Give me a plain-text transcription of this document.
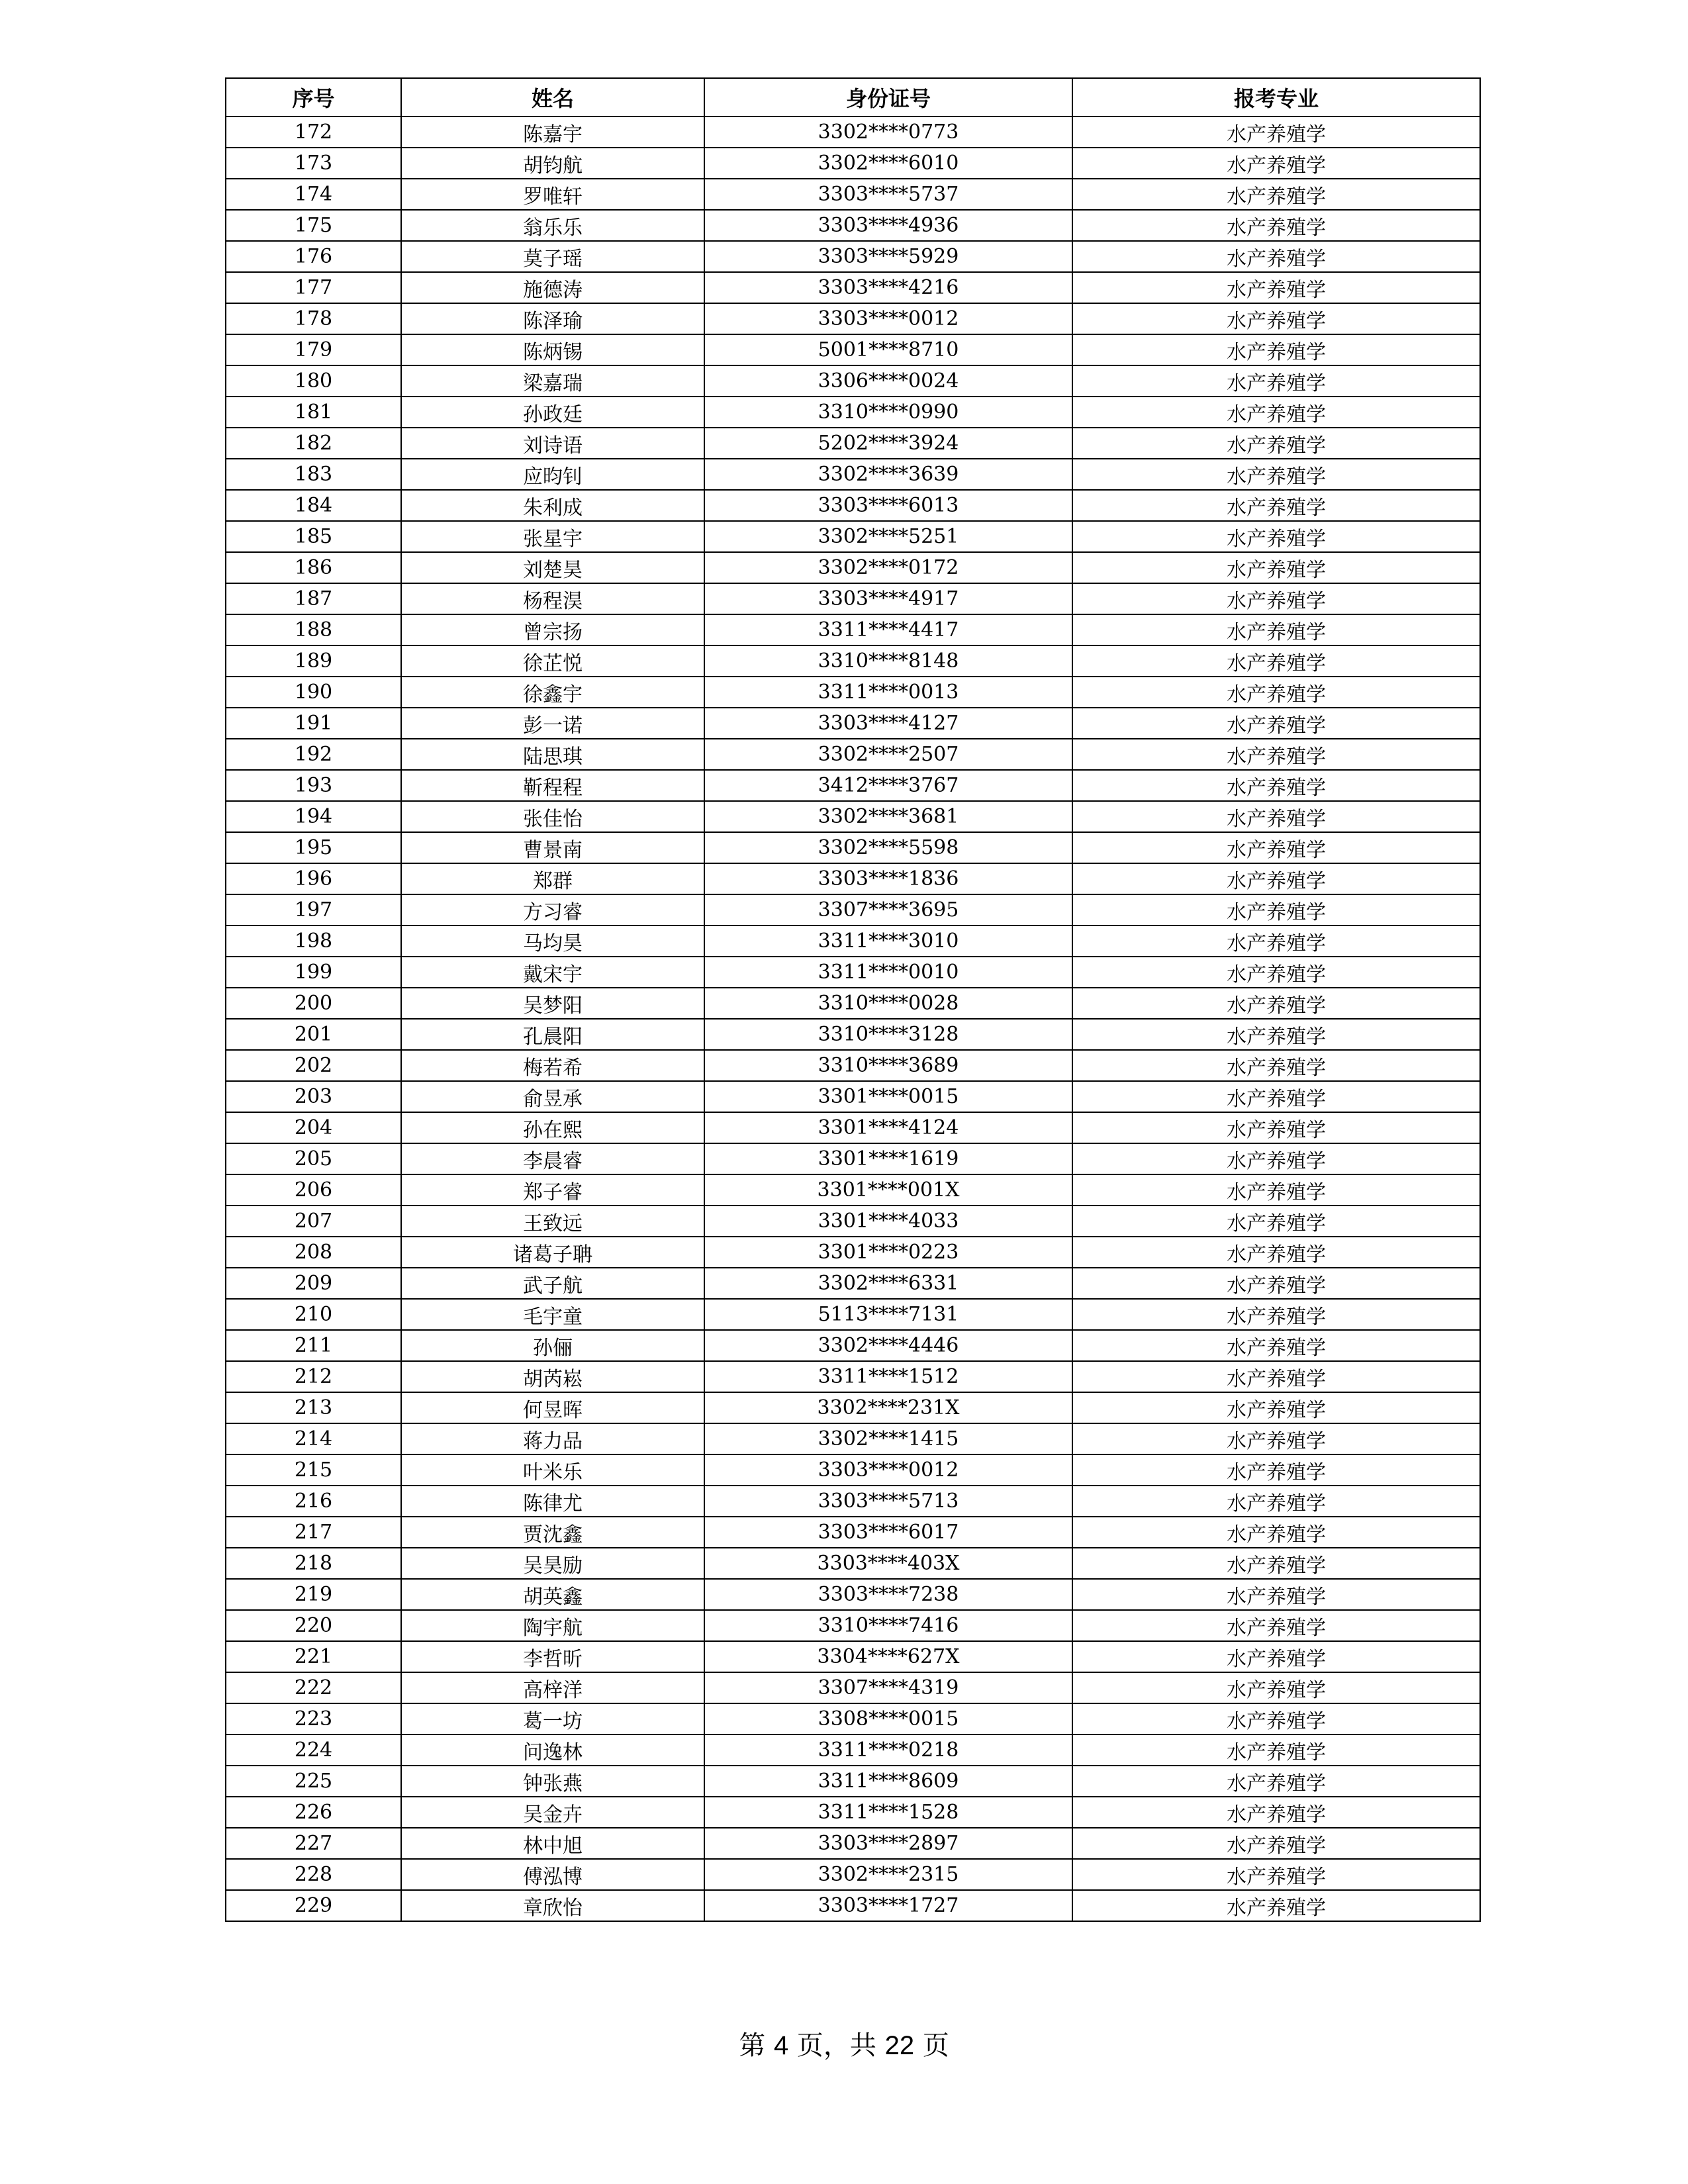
序号	姓名	身份证号	报考专业
172	陈嘉宇	3302****0773	水产养殖学
173	胡钧航	3302****6010	水产养殖学
174	罗唯轩	3303****5737	水产养殖学
175	翁乐乐	3303****4936	水产养殖学
176	莫子瑶	3303****5929	水产养殖学
177	施德涛	3303****4216	水产养殖学
178	陈泽瑜	3303****0012	水产养殖学
179	陈炳锡	5001****8710	水产养殖学
180	梁嘉瑞	3306****0024	水产养殖学
181	孙政廷	3310****0990	水产养殖学
182	刘诗语	5202****3924	水产养殖学
183	应昀钊	3302****3639	水产养殖学
184	朱利成	3303****6013	水产养殖学
185	张星宇	3302****5251	水产养殖学
186	刘楚昊	3302****0172	水产养殖学
187	杨程淏	3303****4917	水产养殖学
188	曾宗扬	3311****4417	水产养殖学
189	徐芷悦	3310****8148	水产养殖学
190	徐鑫宇	3311****0013	水产养殖学
191	彭一诺	3303****4127	水产养殖学
192	陆思琪	3302****2507	水产养殖学
193	靳程程	3412****3767	水产养殖学
194	张佳怡	3302****3681	水产养殖学
195	曹景南	3302****5598	水产养殖学
196	郑群	3303****1836	水产养殖学
197	方习睿	3307****3695	水产养殖学
198	马均昊	3311****3010	水产养殖学
199	戴宋宇	3311****0010	水产养殖学
200	吴梦阳	3310****0028	水产养殖学
201	孔晨阳	3310****3128	水产养殖学
202	梅若希	3310****3689	水产养殖学
203	俞昱承	3301****0015	水产养殖学
204	孙在熙	3301****4124	水产养殖学
205	李晨睿	3301****1619	水产养殖学
206	郑子睿	3301****001X	水产养殖学
207	王致远	3301****4033	水产养殖学
208	诸葛子聃	3301****0223	水产养殖学
209	武子航	3302****6331	水产养殖学
210	毛宇童	5113****7131	水产养殖学
211	孙俪	3302****4446	水产养殖学
212	胡芮崧	3311****1512	水产养殖学
213	何昱晖	3302****231X	水产养殖学
214	蒋力品	3302****1415	水产养殖学
215	叶米乐	3303****0012	水产养殖学
216	陈律尤	3303****5713	水产养殖学
217	贾沈鑫	3303****6017	水产养殖学
218	吴昊励	3303****403X	水产养殖学
219	胡英鑫	3303****7238	水产养殖学
220	陶宇航	3310****7416	水产养殖学
221	李哲昕	3304****627X	水产养殖学
222	高梓洋	3307****4319	水产养殖学
223	葛一坊	3308****0015	水产养殖学
224	问逸林	3311****0218	水产养殖学
225	钟张燕	3311****8609	水产养殖学
226	吴金卉	3311****1528	水产养殖学
227	林中旭	3303****2897	水产养殖学
228	傅泓博	3302****2315	水产养殖学
229	章欣怡	3303****1727	水产养殖学
第 4 页，共 22 页
